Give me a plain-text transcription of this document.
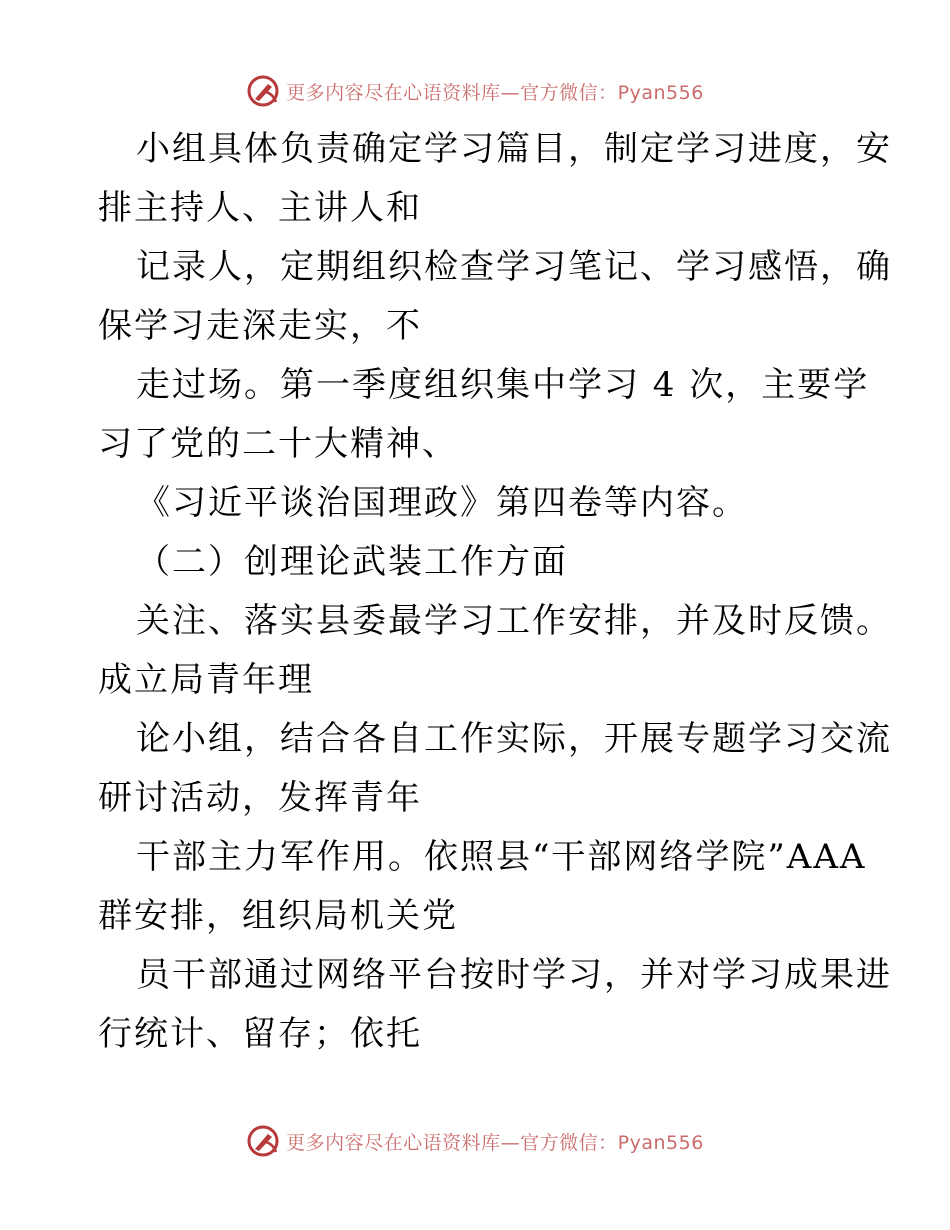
更多内容尽在心语资料库—官方微信：Pyan556

小组具体负责确定学习篇目，制定学习进度，安
排主持人、主讲人和

记录人，定期组织检查学习笔记、学习感悟，确
保学习走深走实，不

走过场。第一季度组织集中学习 4 次，主要学
习了党的二十大精神、

《习近平谈治国理政》第四卷等内容。

（二）创理论武装工作方面

关注、落实县委最学习工作安排，并及时反馈。
成立局青年理

论小组，结合各自工作实际，开展专题学习交流
研讨活动，发挥青年

干部主力军作用。依照县“干部网络学院”AAA
群安排，组织局机关党

员干部通过网络平台按时学习，并对学习成果进
行统计、留存；依托

更多内容尽在心语资料库—官方微信：Pyan556
